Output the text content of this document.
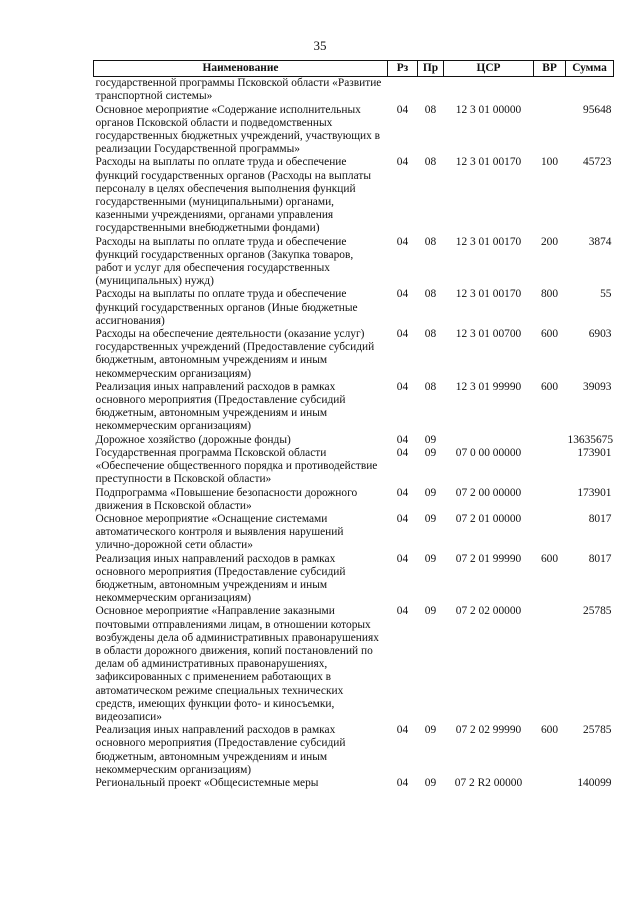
35
Наименование	Рз	Пр	ЦСР	ВР	Сумма
государственной программы Псковской области «Развитие транспортной системы»					
Основное мероприятие «Содержание исполнительных органов Псковской области и подведомственных государственных бюджетных учреждений, участвующих в реализации Государственной программы»	04	08	12 3 01 00000		95648
Расходы на выплаты по оплате труда и обеспечение функций государственных органов (Расходы на выплаты персоналу в целях обеспечения выполнения функций государственными (муниципальными) органами, казенными учреждениями, органами управления государственными внебюджетными фондами)	04	08	12 3 01 00170	100	45723
Расходы на выплаты по оплате труда и обеспечение функций государственных органов (Закупка товаров, работ и услуг для обеспечения государственных (муниципальных) нужд)	04	08	12 3 01 00170	200	3874
Расходы на выплаты по оплате труда и обеспечение функций государственных органов (Иные бюджетные ассигнования)	04	08	12 3 01 00170	800	55
Расходы на обеспечение деятельности (оказание услуг) государственных учреждений (Предоставление субсидий бюджетным, автономным учреждениям и иным некоммерческим организациям)	04	08	12 3 01 00700	600	6903
Реализация иных направлений расходов в рамках основного мероприятия (Предоставление субсидий бюджетным, автономным учреждениям и иным некоммерческим организациям)	04	08	12 3 01 99990	600	39093
Дорожное хозяйство (дорожные фонды)	04	09			13635675
Государственная программа Псковской области «Обеспечение общественного порядка и противодействие преступности в Псковской области»	04	09	07 0 00 00000		173901
Подпрограмма «Повышение безопасности дорожного движения в Псковской области»	04	09	07 2 00 00000		173901
Основное мероприятие «Оснащение системами автоматического контроля и выявления нарушений улично-дорожной сети области»	04	09	07 2 01 00000		8017
Реализация иных направлений расходов в рамках основного мероприятия (Предоставление субсидий бюджетным, автономным учреждениям и иным некоммерческим организациям)	04	09	07 2 01 99990	600	8017
Основное мероприятие «Направление заказными почтовыми отправлениями лицам, в отношении которых возбуждены дела об административных правонарушениях в области дорожного движения, копий постановлений по делам об административных правонарушениях, зафиксированных с применением работающих в автоматическом режиме специальных технических средств, имеющих функции фото- и киносъемки, видеозаписи»	04	09	07 2 02 00000		25785
Реализация иных направлений расходов в рамках основного мероприятия (Предоставление субсидий бюджетным, автономным учреждениям и иным некоммерческим организациям)	04	09	07 2 02 99990	600	25785
Региональный проект «Общесистемные меры	04	09	07 2 R2 00000		140099
